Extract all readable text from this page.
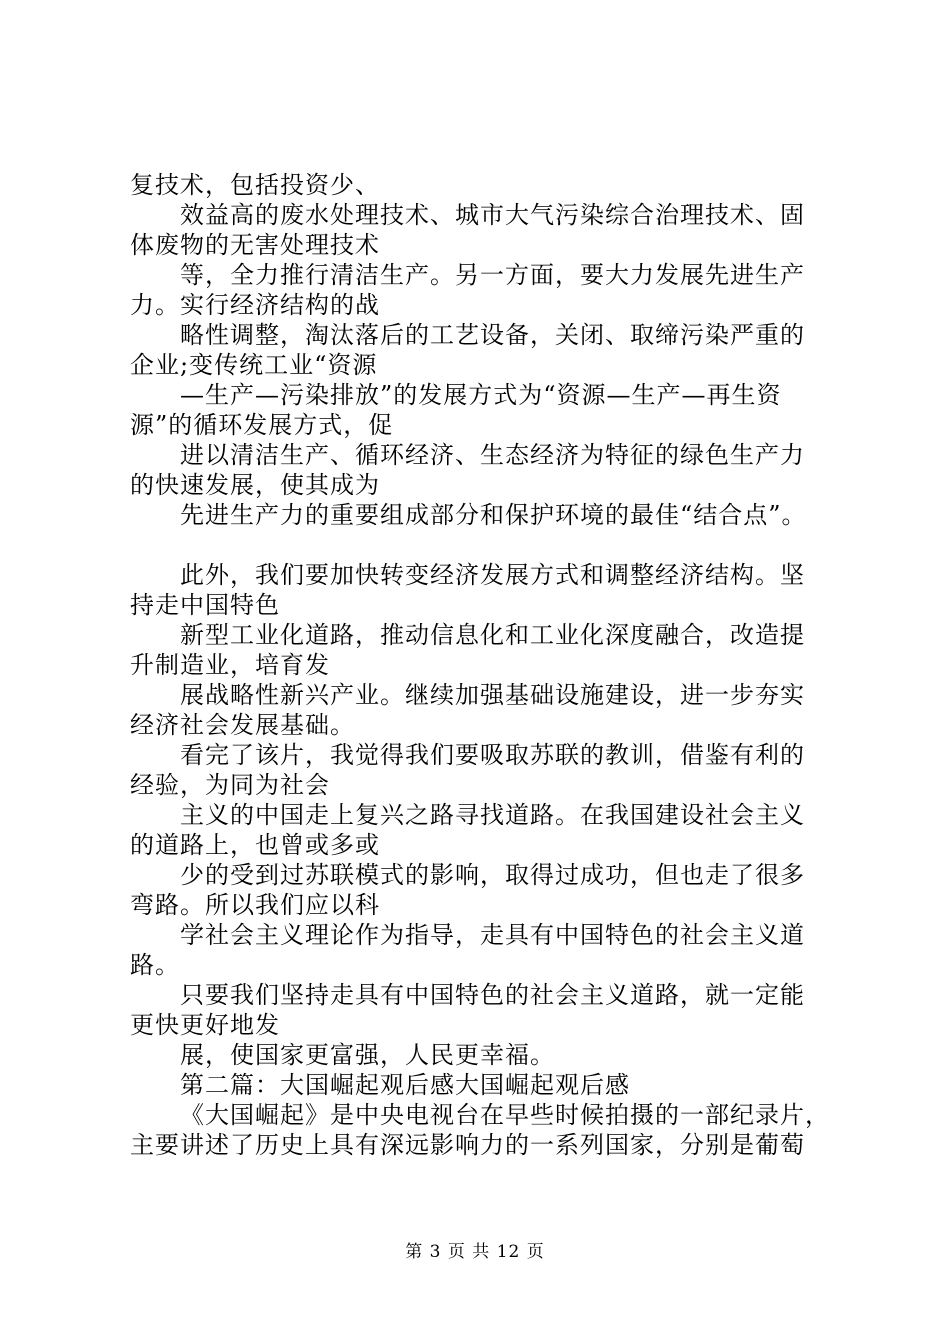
复技术，包括投资少、
效益高的废水处理技术、城市大气污染综合治理技术、固
体废物的无害处理技术
等，全力推行清洁生产。另一方面，要大力发展先进生产
力。实行经济结构的战
略性调整，淘汰落后的工艺设备，关闭、取缔污染严重的
企业;变传统工业“资源
—生产—污染排放”的发展方式为“资源—生产—再生资
源”的循环发展方式，促
进以清洁生产、循环经济、生态经济为特征的绿色生产力
的快速发展，使其成为
先进生产力的重要组成部分和保护环境的最佳“结合点”。
此外，我们要加快转变经济发展方式和调整经济结构。坚
持走中国特色
新型工业化道路，推动信息化和工业化深度融合，改造提
升制造业，培育发
展战略性新兴产业。继续加强基础设施建设，进一步夯实
经济社会发展基础。
看完了该片，我觉得我们要吸取苏联的教训，借鉴有利的
经验，为同为社会
主义的中国走上复兴之路寻找道路。在我国建设社会主义
的道路上，也曾或多或
少的受到过苏联模式的影响，取得过成功，但也走了很多
弯路。所以我们应以科
学社会主义理论作为指导，走具有中国特色的社会主义道
路。
只要我们坚持走具有中国特色的社会主义道路，就一定能
更快更好地发
展，使国家更富强，人民更幸福。
第二篇：大国崛起观后感大国崛起观后感
《大国崛起》是中央电视台在早些时候拍摄的一部纪录片，
主要讲述了历史上具有深远影响力的一系列国家，分别是葡萄
第 3 页 共 12 页
